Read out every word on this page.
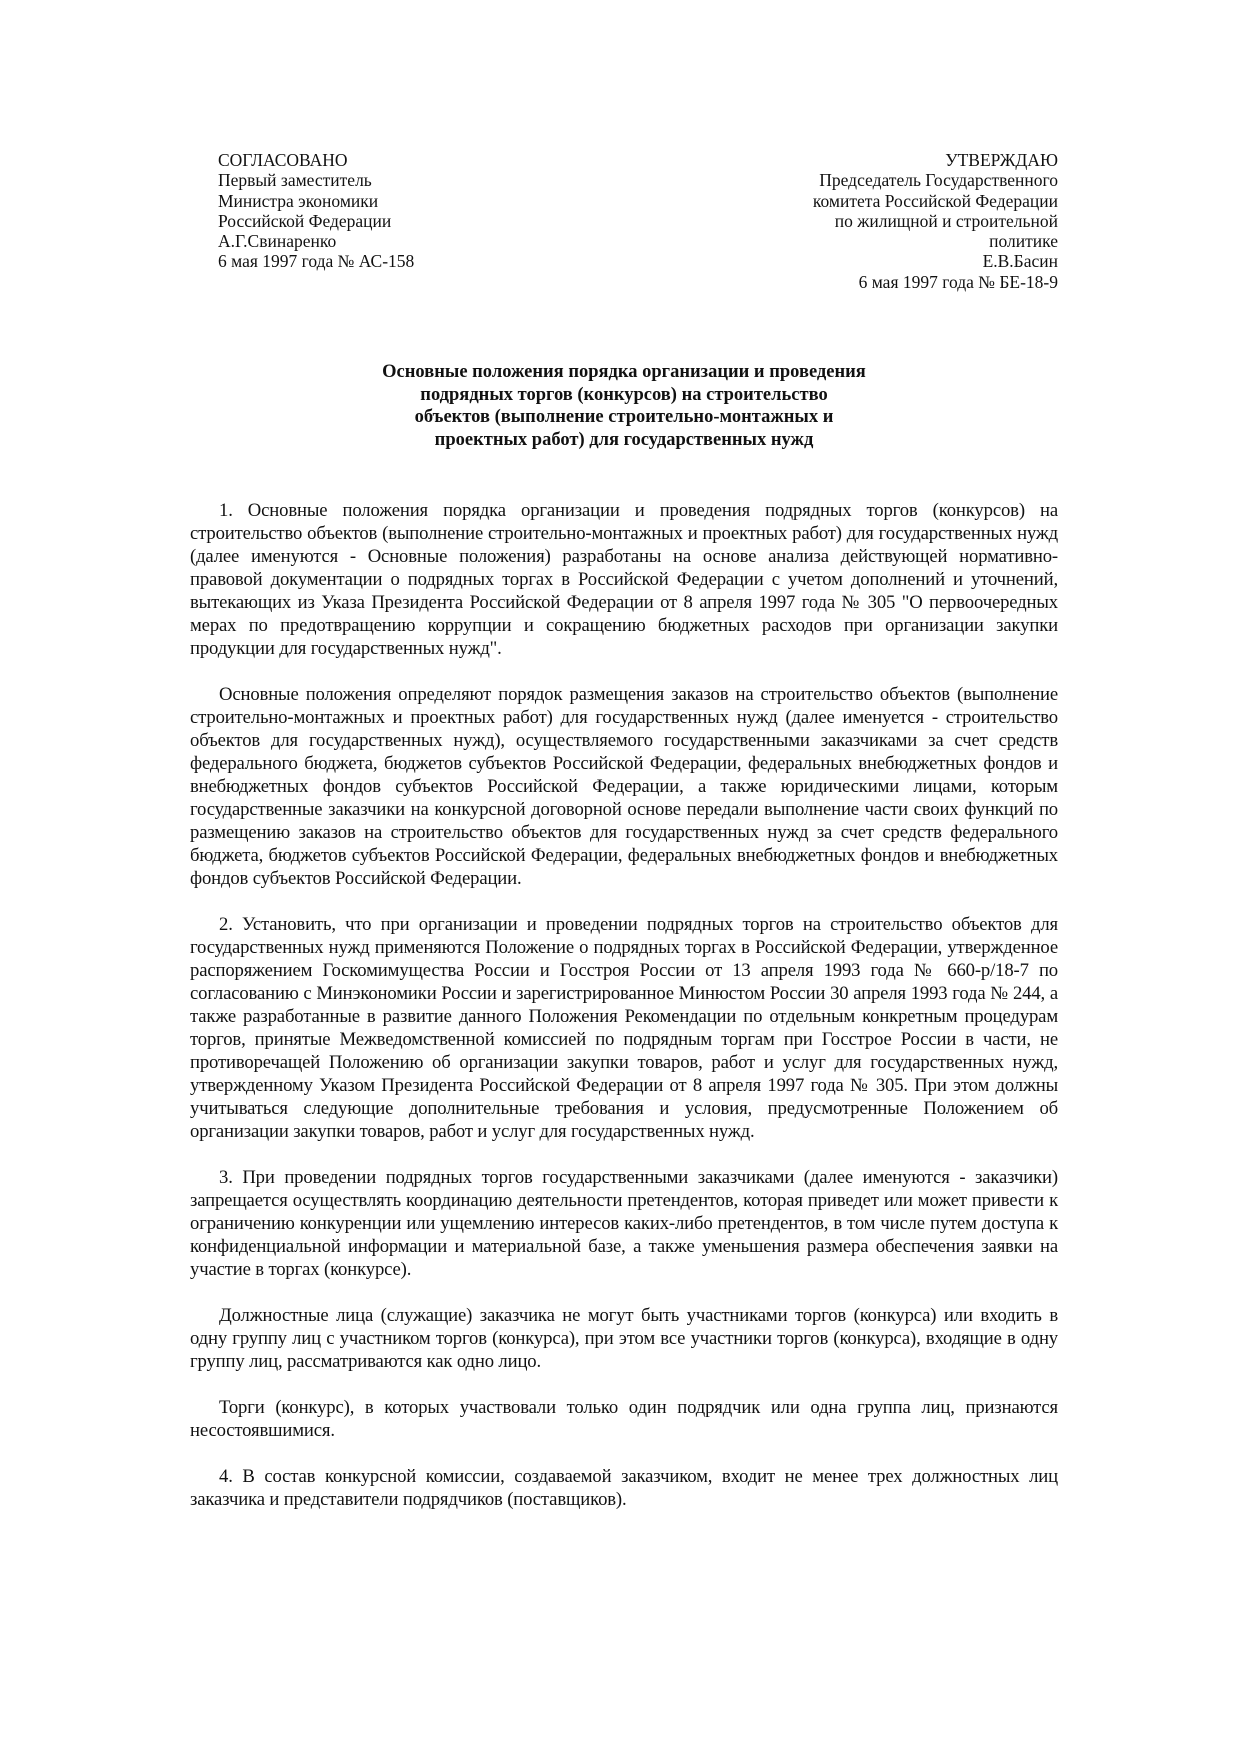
СОГЛАСОВАНО
Первый заместитель
Министра экономики
Российской Федерации
А.Г.Свинаренко
6 мая 1997 года № АС-158
УТВЕРЖДАЮ
Председатель Государственного
комитета Российской Федерации
по жилищной и строительной
политике
Е.В.Басин
6 мая 1997 года № БЕ-18-9
Основные положения порядка организации и проведения
подрядных торгов (конкурсов) на строительство
объектов (выполнение строительно-монтажных и
проектных работ) для государственных нужд

1. Основные положения порядка организации и проведения подрядных торгов (конкурсов) на строительство объектов (выполнение строительно-монтажных и проектных работ) для государственных нужд (далее именуются - Основные положения) разработаны на основе анализа действующей нормативно-правовой документации о подрядных торгах в Российской Федерации с учетом дополнений и уточнений, вытекающих из Указа Президента Российской Федерации от 8 апреля 1997 года № 305 "О первоочередных мерах по предотвращению коррупции и сокращению бюджетных расходов при организации закупки продукции для государственных нужд".

Основные положения определяют порядок размещения заказов на строительство объектов (выполнение строительно-монтажных и проектных работ) для государственных нужд (далее именуется - строительство объектов для государственных нужд), осуществляемого государственными заказчиками за счет средств федерального бюджета, бюджетов субъектов Российской Федерации, федеральных внебюджетных фондов и внебюджетных фондов субъектов Российской Федерации, а также юридическими лицами, которым государственные заказчики на конкурсной договорной основе передали выполнение части своих функций по размещению заказов на строительство объектов для государственных нужд за счет средств федерального бюджета, бюджетов субъектов Российской Федерации, федеральных внебюджетных фондов и внебюджетных фондов субъектов Российской Федерации.

2. Установить, что при организации и проведении подрядных торгов на строительство объектов для государственных нужд применяются Положение о подрядных торгах в Российской Федерации, утвержденное распоряжением Госкомимущества России и Госстроя России от 13 апреля 1993 года № 660-р/18-7 по согласованию с Минэкономики России и зарегистрированное Минюстом России 30 апреля 1993 года № 244, а также разработанные в развитие данного Положения Рекомендации по отдельным конкретным процедурам торгов, принятые Межведомственной комиссией по подрядным торгам при Госстрое России в части, не противоречащей Положению об организации закупки товаров, работ и услуг для государственных нужд, утвержденному Указом Президента Российской Федерации от 8 апреля 1997 года № 305. При этом должны учитываться следующие дополнительные требования и условия, предусмотренные Положением об организации закупки товаров, работ и услуг для государственных нужд.

3. При проведении подрядных торгов государственными заказчиками (далее именуются - заказчики) запрещается осуществлять координацию деятельности претендентов, которая приведет или может привести к ограничению конкуренции или ущемлению интересов каких-либо претендентов, в том числе путем доступа к конфиденциальной информации и материальной базе, а также уменьшения размера обеспечения заявки на участие в торгах (конкурсе).

Должностные лица (служащие) заказчика не могут быть участниками торгов (конкурса) или входить в одну группу лиц с участником торгов (конкурса), при этом все участники торгов (конкурса), входящие в одну группу лиц, рассматриваются как одно лицо.

Торги (конкурс), в которых участвовали только один подрядчик или одна группа лиц, признаются несостоявшимися.

4. В состав конкурсной комиссии, создаваемой заказчиком, входит не менее трех должностных лиц заказчика и представители подрядчиков (поставщиков).
